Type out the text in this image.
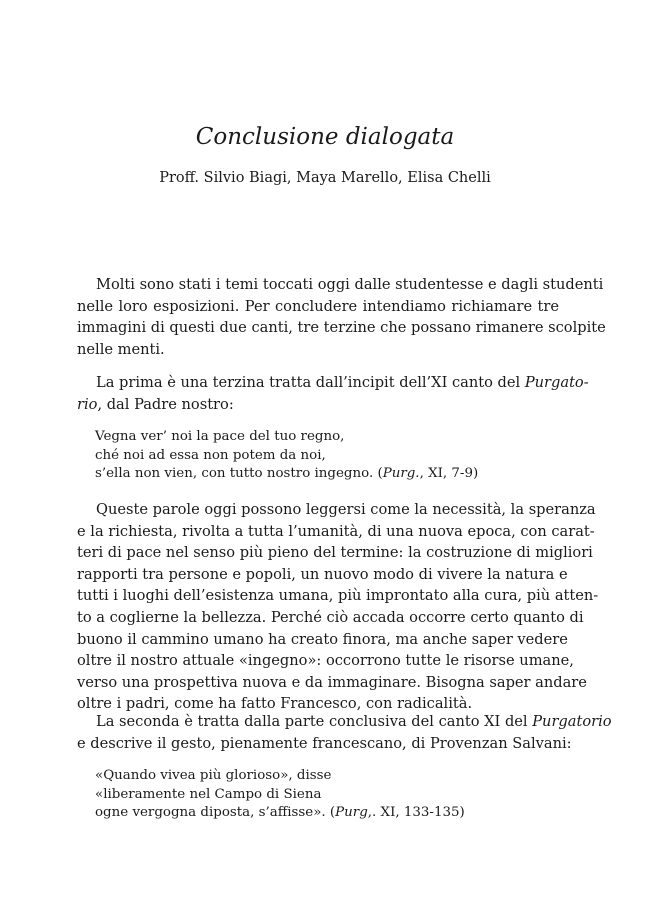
Conclusione dialogata

Proff. Silvio Biagi, Maya Marello, Elisa Chelli

Molti sono stati i temi toccati oggi dalle studentesse e dagli studenti
nelle loro esposizioni. Per concludere intendiamo richiamare tre
immagini di questi due canti, tre terzine che possano rimanere scolpite
nelle menti.

La prima è una terzina tratta dall’incipit dell’XI canto del Purgato-
rio, dal Padre nostro:

Vegna ver’ noi la pace del tuo regno,
ché noi ad essa non potem da noi,
s’ella non vien, con tutto nostro ingegno. (Purg., XI, 7-9)

Queste parole oggi possono leggersi come la necessità, la speranza
e la richiesta, rivolta a tutta l’umanità, di una nuova epoca, con carat-
teri di pace nel senso più pieno del termine: la costruzione di migliori
rapporti tra persone e popoli, un nuovo modo di vivere la natura e
tutti i luoghi dell’esistenza umana, più improntato alla cura, più atten-
to a coglierne la bellezza. Perché ciò accada occorre certo quanto di
buono il cammino umano ha creato finora, ma anche saper vedere
oltre il nostro attuale «ingegno»: occorrono tutte le risorse umane,
verso una prospettiva nuova e da immaginare. Bisogna saper andare
oltre i padri, come ha fatto Francesco, con radicalità.

La seconda è tratta dalla parte conclusiva del canto XI del Purgatorio
e descrive il gesto, pienamente francescano, di Provenzan Salvani:

«Quando vivea più glorioso», disse
«liberamente nel Campo di Siena
ogne vergogna diposta, s’affisse». (Purg,. XI, 133-135)
